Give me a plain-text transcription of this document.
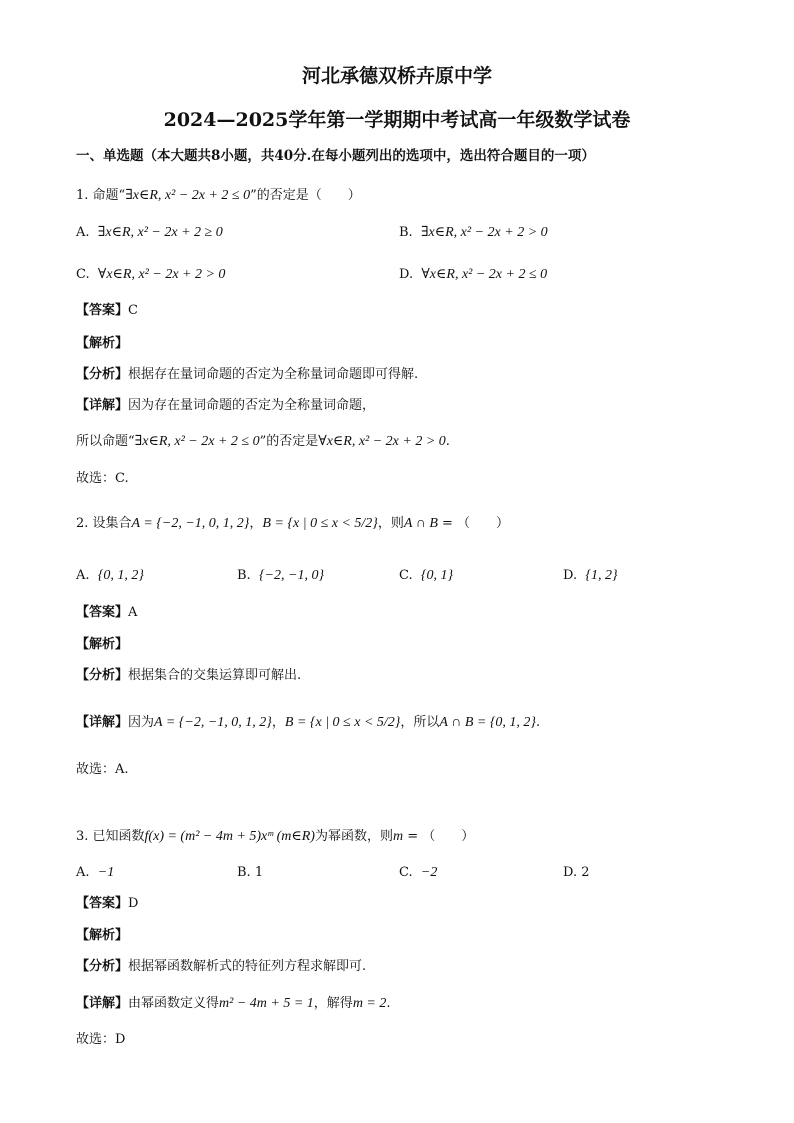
河北承德双桥卉原中学
2024—2025学年第一学期期中考试高一年级数学试卷
一、单选题（本大题共8小题，共40分.在每小题列出的选项中，选出符合题目的一项）
1. 命题“∃x∈R, x² − 2x + 2 ≤ 0”的否定是（　　）
A. ∃x∈R, x² − 2x + 2 ≥ 0	B. ∃x∈R, x² − 2x + 2 > 0
C. ∀x∈R, x² − 2x + 2 > 0	D. ∀x∈R, x² − 2x + 2 ≤ 0
【答案】C
【解析】
【分析】根据存在量词命题的否定为全称量词命题即可得解.
【详解】因为存在量词命题的否定为全称量词命题，
所以命题“∃x∈R, x² − 2x + 2 ≤ 0”的否定是∀x∈R, x² − 2x + 2 > 0.
故选：C.
2. 设集合A = {−2, −1, 0, 1, 2}，B = {x | 0 ≤ x < 5/2}，则A ∩ B = （　　）
A. {0, 1, 2}	B. {−2, −1, 0}	C. {0, 1}	D. {1, 2}
【答案】A
【解析】
【分析】根据集合的交集运算即可解出.
【详解】因为A = {−2, −1, 0, 1, 2}，B = {x | 0 ≤ x < 5/2}，所以A ∩ B = {0, 1, 2}.
故选：A.
3. 已知函数f(x) = (m² − 4m + 5)xᵐ (m∈R)为幂函数，则m = （　　）
A. −1	B. 1	C. −2	D. 2
【答案】D
【解析】
【分析】根据幂函数解析式的特征列方程求解即可.
【详解】由幂函数定义得m² − 4m + 5 = 1，解得m = 2.
故选：D
